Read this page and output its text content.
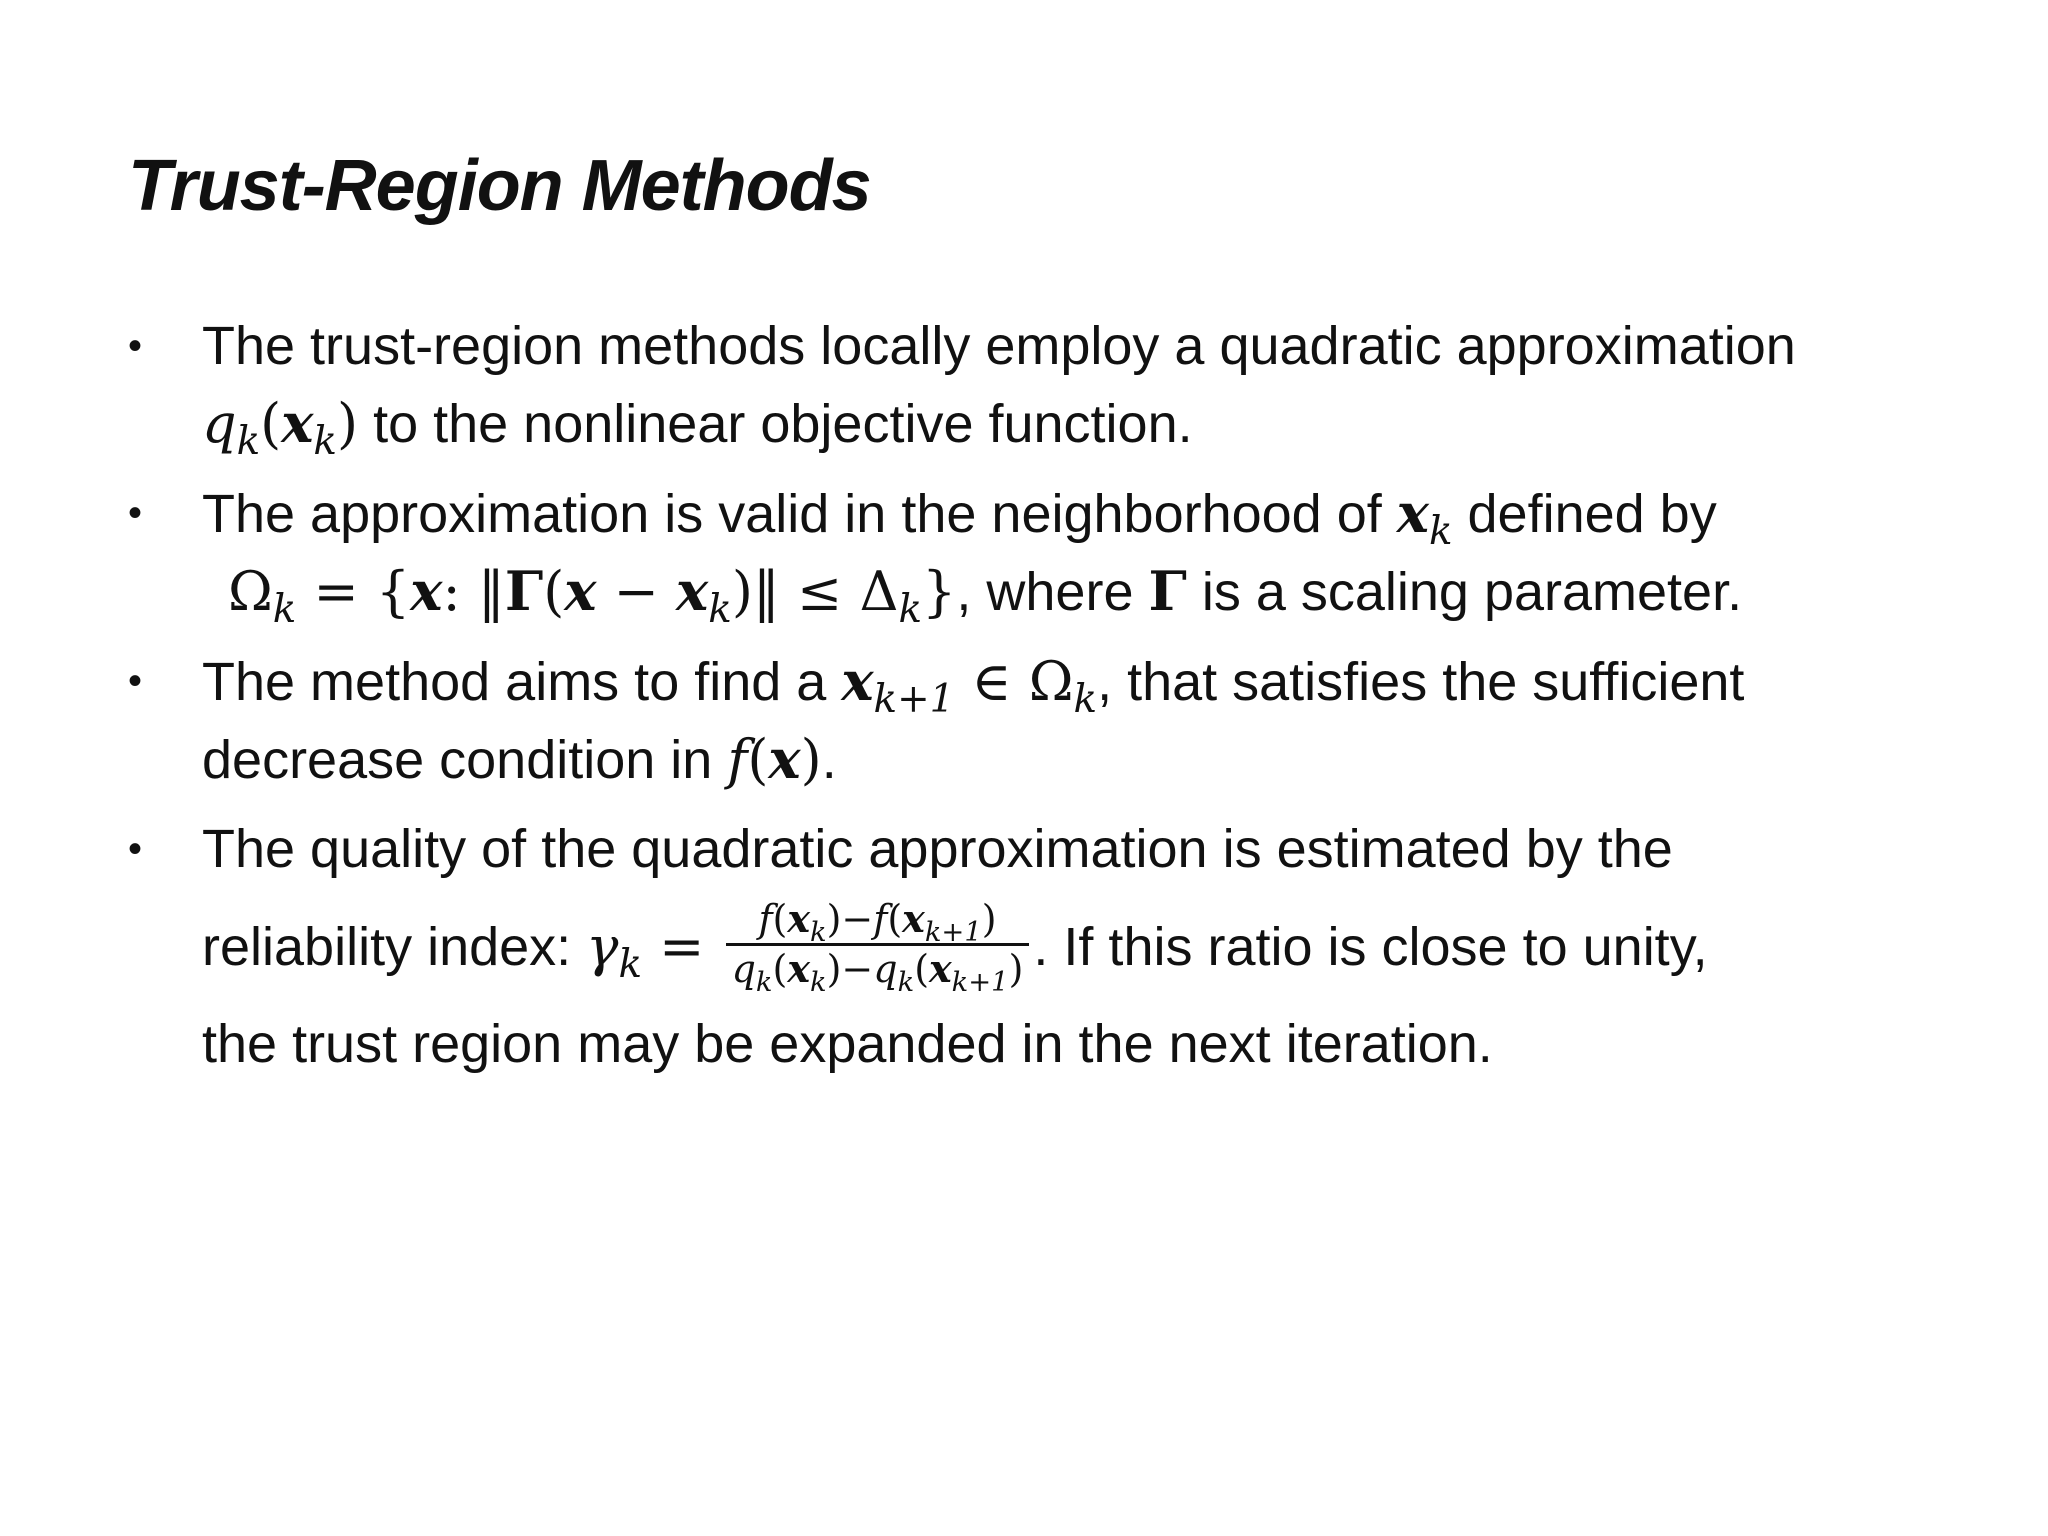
Trust-Region Methods
• The trust-region methods locally employ a quadratic approximation
$q_k(x_k)$ to the nonlinear objective function.
• The approximation is valid in the neighborhood of $x_k$ defined by
$\Omega_k = \{x$: ‖Γ(x − $x_k)‖ \le \Delta_k$}, where Γ is a scaling parameter.
• The method aims to find a $x_{k+1}$ ∈ $\Omega_k$, that satisfies the sufficient
decrease condition in f(x).
• The quality of the quadratic approximation is estimated by the
reliability index: $\gamma_k = \frac{f(x_k)-f(x_{k+1})}{q_k(x_k)-q_k(x_{k+1})}$ . If this ratio is close to unity,
the trust region may be expanded in the next iteration.
